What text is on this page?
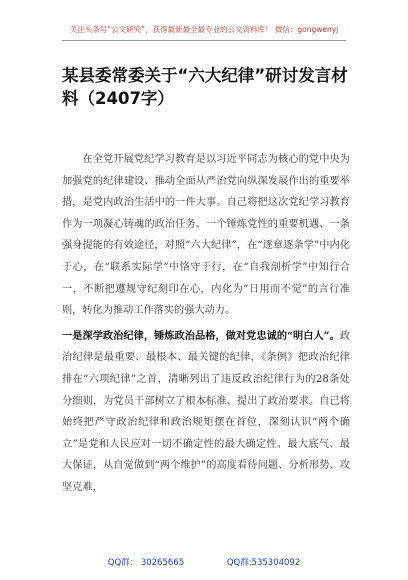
关注头条号“公文研究”，获得最新最全最专业的公文资料库！ 微信：gongwenyj
某县委常委关于“六大纪律”研讨发言材料（2407字）

在全党开展党纪学习教育是以习近平同志为核心的党中央为加强党的纪律建设、推动全面从严治党向纵深发展作出的重要举措，是党内政治生活中的一件大事。自己将把这次党纪学习教育作为一项凝心铸魂的政治任务、一个锤炼党性的重要机遇、一条强身提能的有效途径，对照“六大纪律”，在“逐章逐条学”中内化于心，在“联系实际学”中恪守于行，在“自我剖析学”中知行合一，不断把遵规守纪刻印在心，内化为“日用而不觉”的言行准则，转化为推动工作落实的强大动力。

一是深学政治纪律，锤炼政治品格，做对党忠诚的“明白人”。政治纪律是最重要、最根本、最关键的纪律，《条例》把政治纪律排在“六项纪律”之首，清晰列出了违反政治纪律行为的28条处分细则，为党员干部树立了根本标准、提出了政治要求。自己将始终把严守政治纪律和政治规矩摆在首位，深刻认识“两个确立”是党和人民应对一切不确定性的最大确定性、最大底气、最大保证，从自觉做到“两个维护”的高度看待问题、分析形势、攻坚克难，

QQ群： 30265665	QQ群:535304092
